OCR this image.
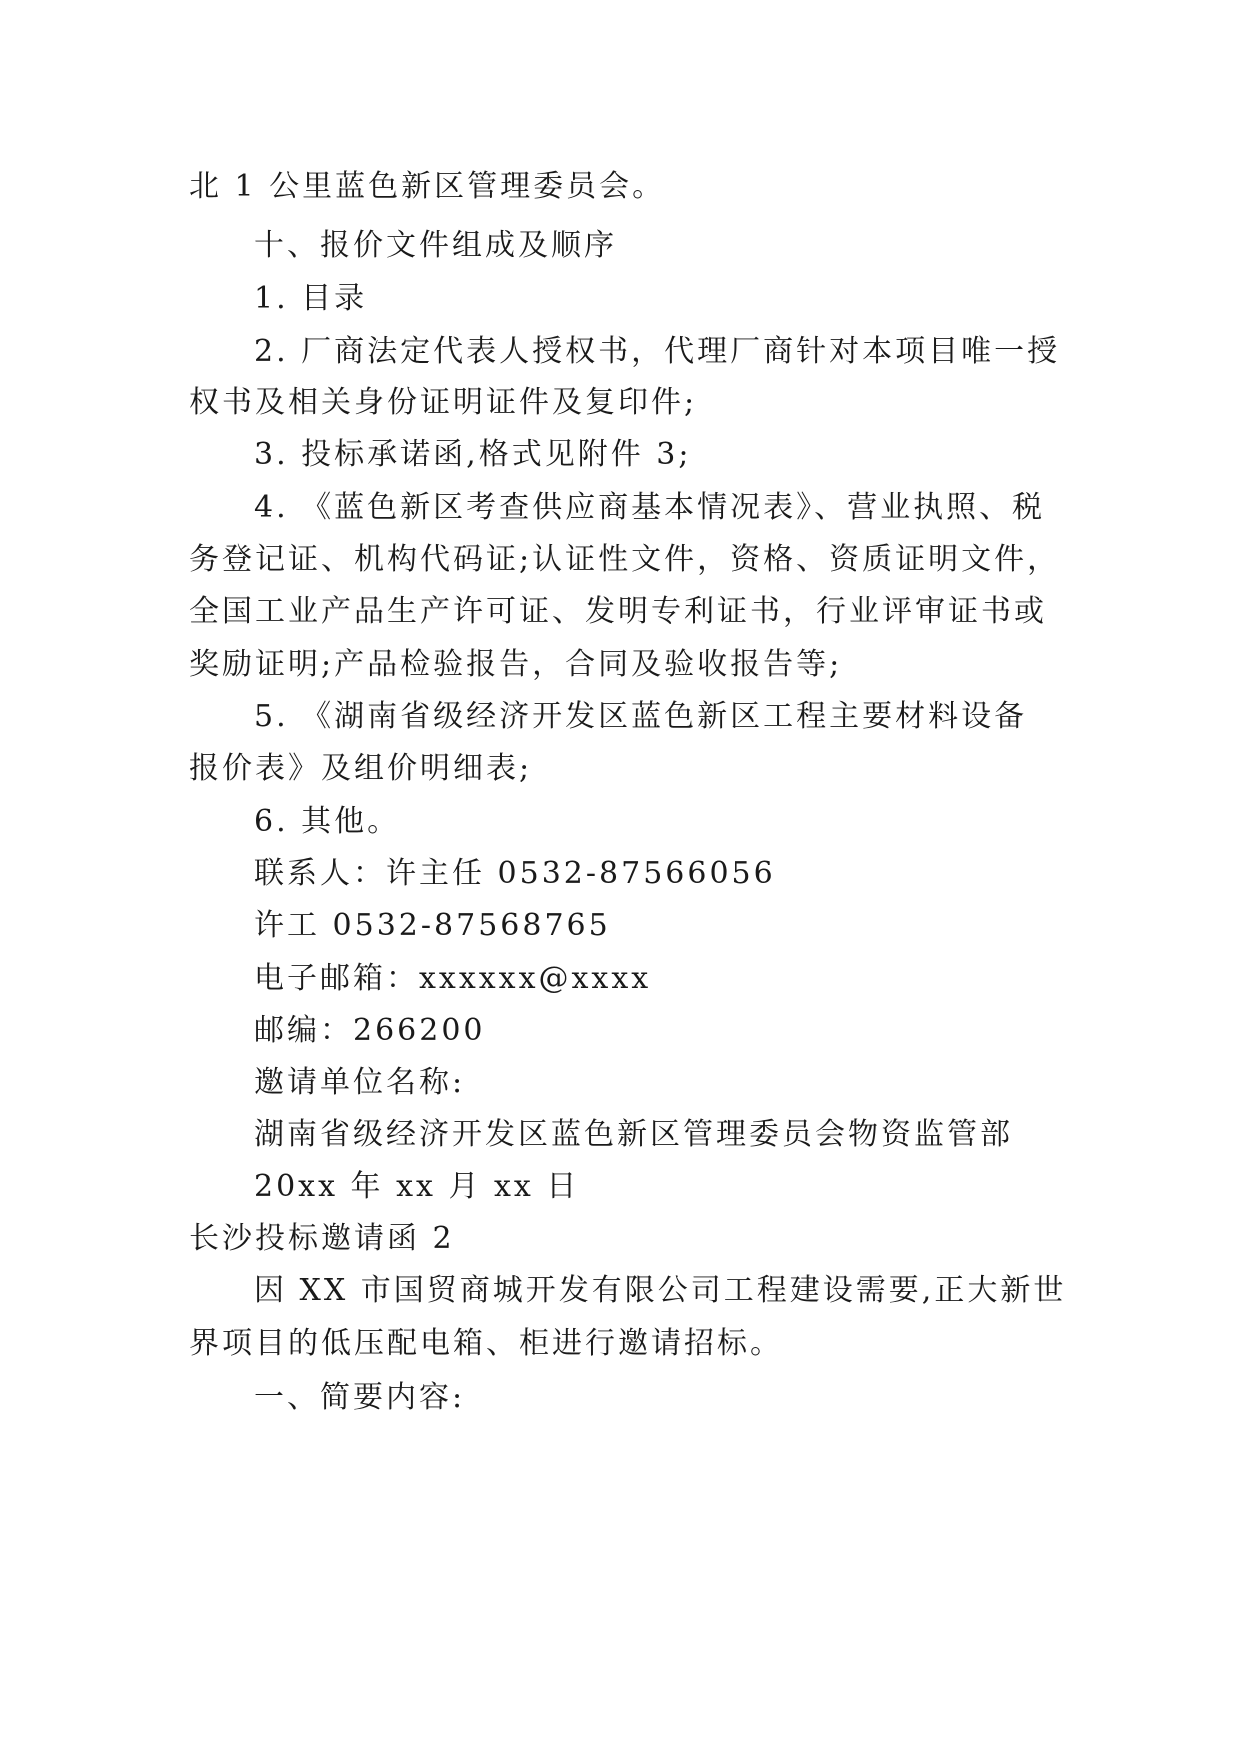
北 1 公里蓝色新区管理委员会。
十、报价文件组成及顺序
1. 目录
2. 厂商法定代表人授权书，代理厂商针对本项目唯一授
权书及相关身份证明证件及复印件;
3. 投标承诺函,格式见附件 3;
4. 《蓝色新区考查供应商基本情况表》、营业执照、税
务登记证、机构代码证;认证性文件，资格、资质证明文件，
全国工业产品生产许可证、发明专利证书，行业评审证书或
奖励证明;产品检验报告，合同及验收报告等;
5. 《湖南省级经济开发区蓝色新区工程主要材料设备
报价表》及组价明细表;
6. 其他。
联系人：许主任 0532-87566056
许工 0532-87568765
电子邮箱：xxxxxx@xxxx
邮编：266200
邀请单位名称:
湖南省级经济开发区蓝色新区管理委员会物资监管部
20xx 年 xx 月 xx 日
长沙投标邀请函 2
因 XX 市国贸商城开发有限公司工程建设需要,正大新世
界项目的低压配电箱、柜进行邀请招标。
一、简要内容:
